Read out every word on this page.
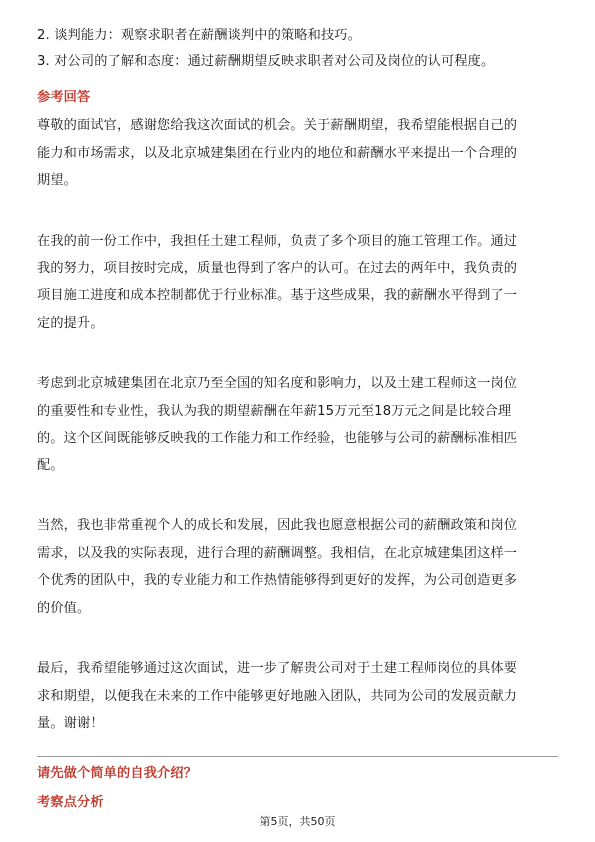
2. 谈判能力：观察求职者在薪酬谈判中的策略和技巧。
3. 对公司的了解和态度：通过薪酬期望反映求职者对公司及岗位的认可程度。
参考回答
尊敬的面试官，感谢您给我这次面试的机会。关于薪酬期望，我希望能根据自己的
能力和市场需求，以及北京城建集团在行业内的地位和薪酬水平来提出一个合理的
期望。
在我的前一份工作中，我担任土建工程师，负责了多个项目的施工管理工作。通过
我的努力，项目按时完成，质量也得到了客户的认可。在过去的两年中，我负责的
项目施工进度和成本控制都优于行业标准。基于这些成果，我的薪酬水平得到了一
定的提升。
考虑到北京城建集团在北京乃至全国的知名度和影响力，以及土建工程师这一岗位
的重要性和专业性，我认为我的期望薪酬在年薪15万元至18万元之间是比较合理
的。这个区间既能够反映我的工作能力和工作经验，也能够与公司的薪酬标准相匹
配。
当然，我也非常重视个人的成长和发展，因此我也愿意根据公司的薪酬政策和岗位
需求，以及我的实际表现，进行合理的薪酬调整。我相信，在北京城建集团这样一
个优秀的团队中，我的专业能力和工作热情能够得到更好的发挥，为公司创造更多
的价值。
最后，我希望能够通过这次面试，进一步了解贵公司对于土建工程师岗位的具体要
求和期望，以便我在未来的工作中能够更好地融入团队，共同为公司的发展贡献力
量。谢谢！
请先做个简单的自我介绍？
考察点分析
第5页，共50页
